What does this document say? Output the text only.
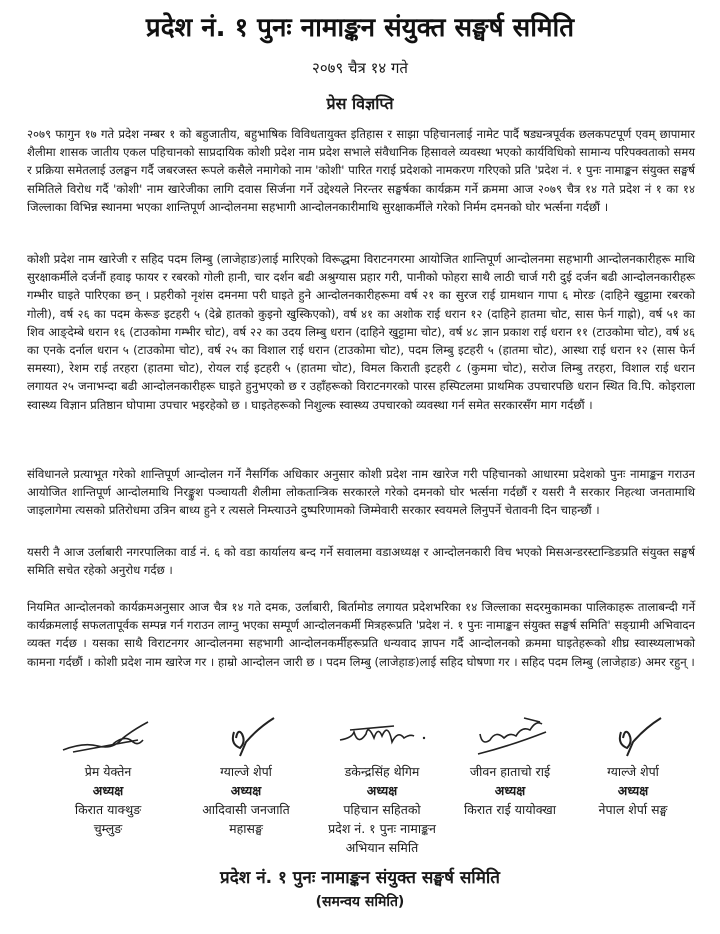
प्रदेश नं. १ पुनः नामाङ्कन संयुक्त सङ्घर्ष समिति
२०७९ चैत्र १४ गते
प्रेस विज्ञप्ति

२०७९ फागुन १७ गते प्रदेश नम्बर १ को बहुजातीय, बहुभाषिक विविधतायुक्त इतिहास र साझा पहिचानलाई नामेट पार्दै षड्यन्त्रपूर्वक छलकपटपूर्ण एवम् छापामार शैलीमा शासक जातीय एकल पहिचानको साप्रदायिक कोशी प्रदेश नाम प्रदेश सभाले संवैधानिक हिसावले व्यवस्था भएको कार्यविधिको सामान्य परिपक्वताको समय र प्रक्रिया समेतलाई उलङ्घन गर्दै जबरजस्त रूपले कसैले नमागेको नाम 'कोशी' पारित गराई प्रदेशको नामकरण गरिएको प्रति 'प्रदेश नं. १ पुनः नामाङ्कन संयुक्त सङ्घर्ष समितिले विरोध गर्दै 'कोशी' नाम खारेजीका लागि दवास सिर्जना गर्ने उद्देश्यले निरन्तर सङ्घर्षका कार्यक्रम गर्ने क्रममा आज २०७९ चैत्र १४ गते प्रदेश नं १ का १४ जिल्लाका विभिन्न स्थानमा भएका शान्तिपूर्ण आन्दोलनमा सहभागी आन्दोलनकारीमाथि सुरक्षाकर्मीले गरेको निर्मम दमनको घोर भर्त्सना गर्दछौं ।

कोशी प्रदेश नाम खारेजी र सहिद पदम लिम्बु (लाजेहाङ)लाई मारिएको विरूद्धमा विराटनगरमा आयोजित शान्तिपूर्ण आन्दोलनमा सहभागी आन्दोलनकारीहरू माथि सुरक्षाकर्मीले दर्जनौं हवाइ फायर र रबरको गोली हानी, चार दर्शन बढी अश्रुग्यास प्रहार गरी, पानीको फोहरा साथै लाठी चार्ज गरी दुई दर्जन बढी आन्दोलनकारीहरू गम्भीर घाइते पारिएका छन् । प्रहरीको नृशंस दमनमा परी घाइते हुने आन्दोलनकारीहरूमा वर्ष २१ का सुरज राई ग्रामथान गापा ६ मोरङ (दाहिने खुट्टामा रबरको गोली), वर्ष २६ का पदम केरूङ इटहरी ५ (देब्रे हातको कुइनो खुस्किएको), वर्ष ४१ का अशोक राई धरान १२ (दाहिने हातमा चोट, सास फेर्न गाह्रो), वर्ष ५१ का शिव आङ्देम्बे धरान १६ (टाउकोमा गम्भीर चोट), वर्ष २२ का उदय लिम्बु धरान (दाहिने खुट्टामा चोट), वर्ष ४८ ज्ञान प्रकाश राई धरान ११ (टाउकोमा चोट), वर्ष ४६ का एनके दर्नाल धरान ५ (टाउकोमा चोट), वर्ष २५ का विशाल राई धरान (टाउकोमा चोट), पदम लिम्बु इटहरी ५ (हातमा चोट), आस्था राई धरान १२ (सास फेर्न समस्या), रेशम राई तरहरा (हातमा चोट), रोयल राई इटहरी ५ (हातमा चोट), विमल किराती इटहरी ८ (कुममा चोट), सरोज लिम्बु तरहरा, विशाल राई धरान लगायत २५ जनाभन्दा बढी आन्दोलनकारीहरू घाइते हुनुभएको छ र उहाँहरूको विराटनगरको पारस हस्पिटलमा प्राथमिक उपचारपछि धरान स्थित वि.पि. कोइराला स्वास्थ्य विज्ञान प्रतिष्ठान घोपामा उपचार भइरहेको छ । घाइतेहरूको निशुल्क स्वास्थ्य उपचारको व्यवस्था गर्न समेत सरकारसँग माग गर्दछौं ।

संविधानले प्रत्याभूत गरेको शान्तिपूर्ण आन्दोलन गर्ने नैसर्गिक अधिकार अनुसार कोशी प्रदेश नाम खारेज गरी पहिचानको आधारमा प्रदेशको पुनः नामाङ्कन गराउन आयोजित शान्तिपूर्ण आन्दोलमाथि निरङ्कुश पञ्चायती शैलीमा लोकतान्त्रिक सरकारले गरेको दमनको घोर भर्त्सना गर्दछौं र यसरी नै सरकार निहत्था जनतामाथि जाइलागेमा त्यसको प्रतिरोधमा उत्रिन बाध्य हुने र त्यसले निम्त्याउने दुष्परिणामको जिम्मेवारी सरकार स्वयमले लिनुपर्ने चेतावनी दिन चाहन्छौं ।

यसरी नै आज उर्लाबारी नगरपालिका वार्ड नं. ६ को वडा कार्यालय बन्द गर्ने सवालमा वडाअध्यक्ष र आन्दोलनकारी विच भएको मिसअन्डरस्टान्डिङप्रति संयुक्त सङ्घर्ष समिति सचेत रहेको अनुरोध गर्दछ ।

नियमित आन्दोलनको कार्यक्रमअनुसार आज चैत्र १४ गते दमक, उर्लाबारी, बिर्तामोड लगायत प्रदेशभरिका १४ जिल्लाका सदरमुकामका पालिकाहरू तालाबन्दी गर्ने कार्यक्रमलाई सफलतापूर्वक सम्पन्न गर्न गराउन लाग्नु भएका सम्पूर्ण आन्दोलनकर्मी मित्रहरूप्रति 'प्रदेश नं. १ पुनः नामाङ्कन संयुक्त सङ्घर्ष समिति' सङ्ग्रामी अभिवादन व्यक्त गर्दछ । यसका साथै विराटनगर आन्दोलनमा सहभागी आन्दोलनकर्मीहरूप्रति धन्यवाद ज्ञापन गर्दै आन्दोलनको क्रममा घाइतेहरूको शीघ्र स्वास्थ्यलाभको कामना गर्दछौं । कोशी प्रदेश नाम खारेज गर । हाम्रो आन्दोलन जारी छ । पदम लिम्बु (लाजेहाङ)लाई सहिद घोषणा गर । सहिद पदम लिम्बु (लाजेहाङ) अमर रहुन् ।

प्रेम येक्तेन
अध्यक्ष
किरात याक्थुङ
चुम्लुङ
ग्याल्जे शेर्पा
अध्यक्ष
आदिवासी जनजाति
महासङ्घ
डकेन्द्रसिंह थेगिम
अध्यक्ष
पहिचान सहितको
प्रदेश नं. १ पुनः नामाङ्कन
अभियान समिति
जीवन हाताचो राई
अध्यक्ष
किरात राई यायोक्खा
ग्याल्जे शेर्पा
अध्यक्ष
नेपाल शेर्पा सङ्घ
प्रदेश नं. १ पुनः नामाङ्कन संयुक्त सङ्घर्ष समिति
(समन्वय समिति)
